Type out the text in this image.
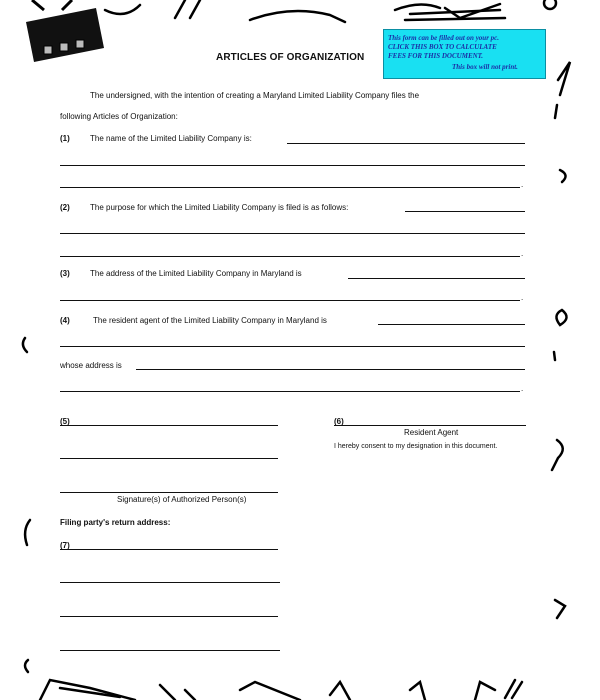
This form can be filled out on your pc.
CLICK THIS BOX TO CALCULATE
FEES FOR THIS DOCUMENT.
This box will not print.
ARTICLES OF ORGANIZATION
The undersigned, with the intention of creating a Maryland Limited Liability Company files the
following Articles of Organization:
(1)	The name of the Limited Liability Company is:
.
(2)	The purpose for which the Limited Liability Company is filed is as follows:
.
(3)	The address of the Limited Liability Company in Maryland is
.
(4)	The resident agent of the Limited Liability Company in Maryland is
whose address is
.
(5)	(6)
Resident Agent
I hereby consent to my designation in this document.
Signature(s) of Authorized Person(s)
Filing party's return address:
(7)
